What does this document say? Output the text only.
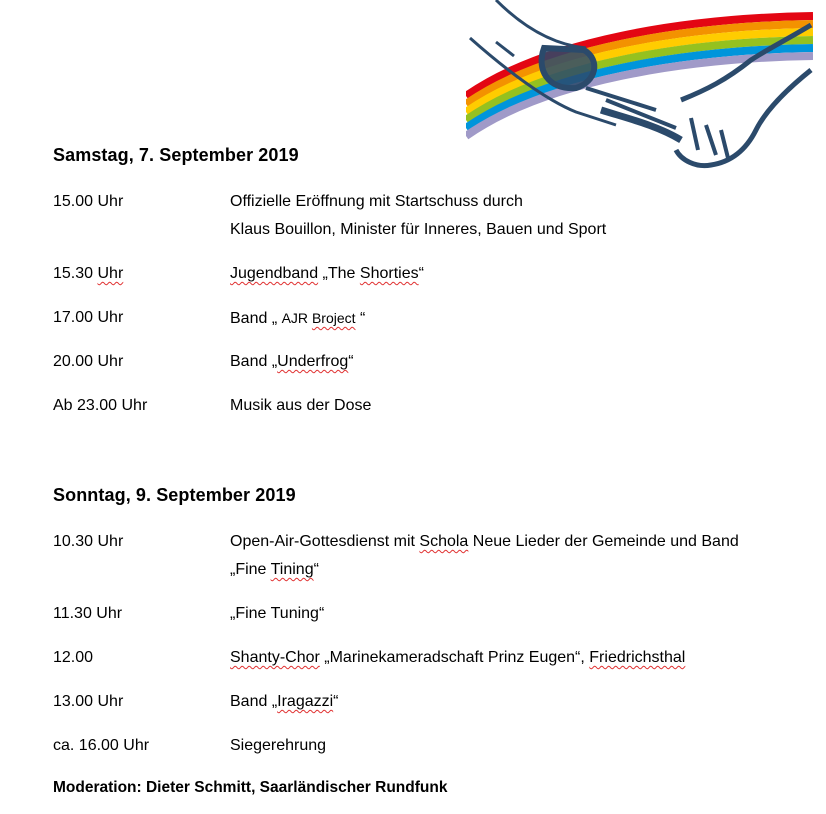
Samstag, 7. September 2019
15.00 Uhr	Offizielle Eröffnung mit Startschuss durch
Klaus Bouillon, Minister für Inneres, Bauen und Sport
15.30 Uhr	Jugendband „The Shorties“
17.00 Uhr	Band „ AJR Broject “
20.00 Uhr	Band „Underfrog“
Ab 23.00 Uhr	Musik aus der Dose
Sonntag, 9. September 2019
10.30 Uhr	Open-Air-Gottesdienst mit Schola Neue Lieder der Gemeinde und Band
„Fine Tining“
11.30 Uhr	„Fine Tuning“
12.00	Shanty-Chor „Marinekameradschaft Prinz Eugen“, Friedrichsthal
13.00 Uhr	Band „Iragazzi“
ca. 16.00 Uhr	Siegerehrung
Moderation: Dieter Schmitt, Saarländischer Rundfunk
